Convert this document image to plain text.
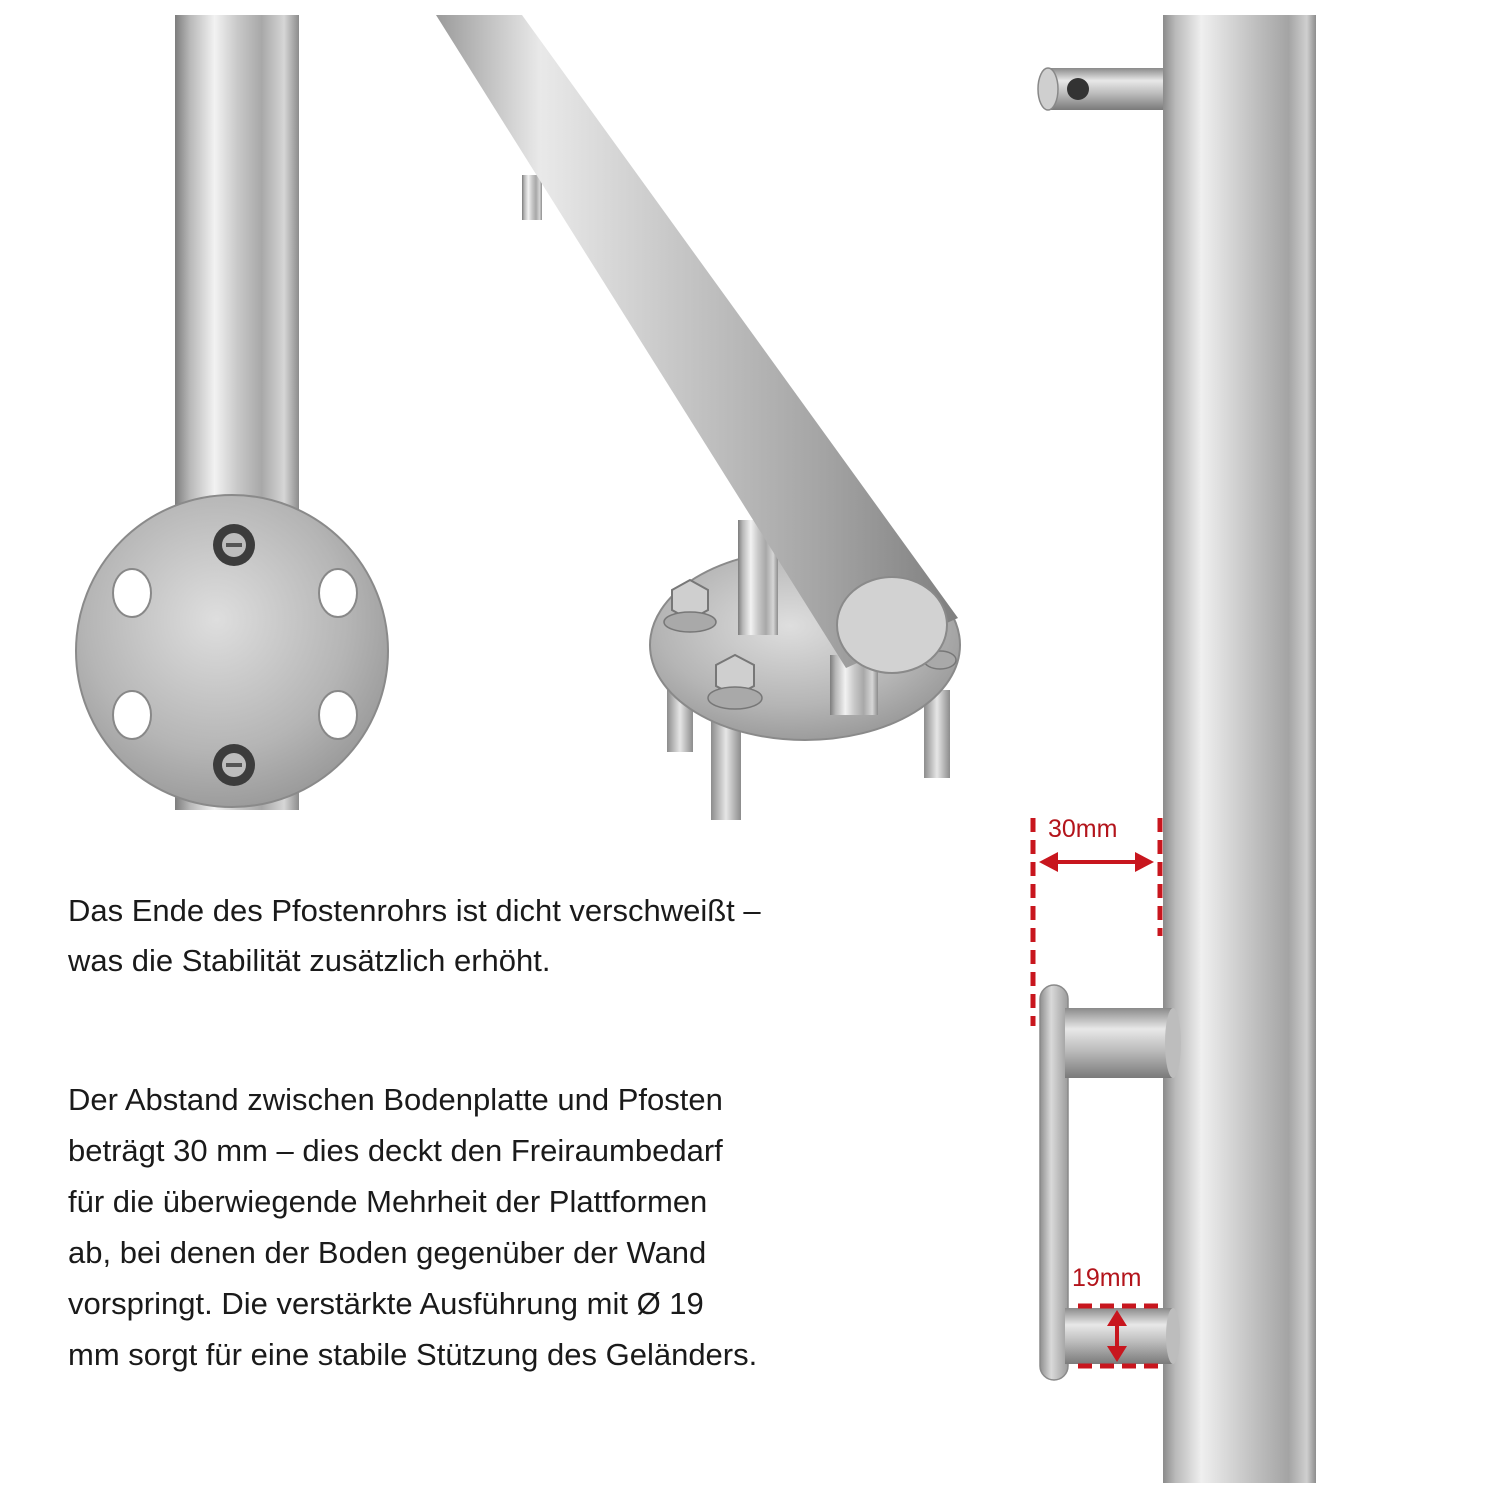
30mm
19mm
Das Ende des Pfostenrohrs ist dicht verschweißt –
was die Stabilität zusätzlich erhöht.
Der Abstand zwischen Bodenplatte und Pfosten
beträgt 30 mm – dies deckt den Freiraumbedarf
für die überwiegende Mehrheit der Plattformen
ab, bei denen der Boden gegenüber der Wand
vorspringt. Die verstärkte Ausführung mit Ø 19
mm sorgt für eine stabile Stützung des Geländers.
